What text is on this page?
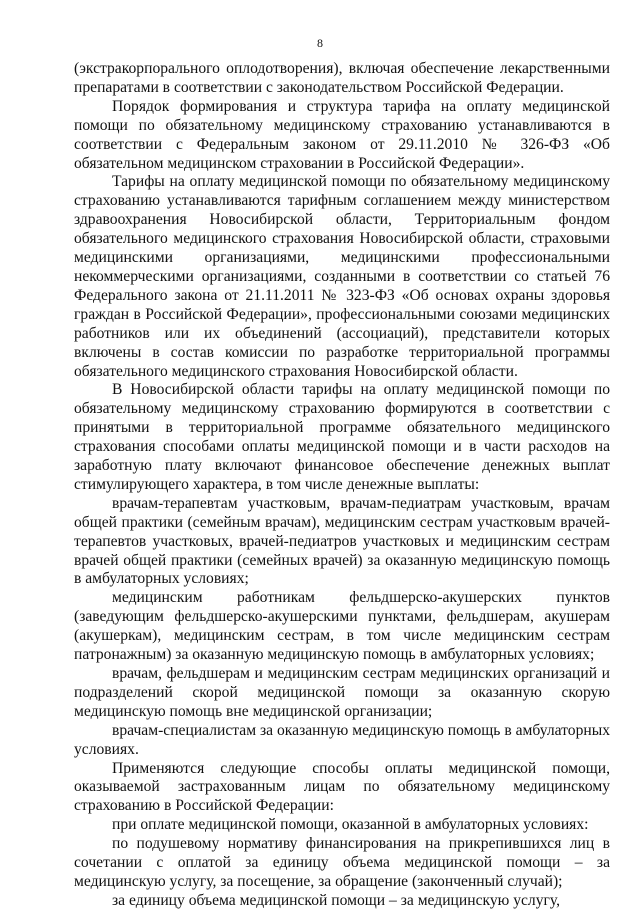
8

(экстракорпорального оплодотворения), включая обеспечение лекарственными препаратами в соответствии с законодательством Российской Федерации.

Порядок формирования и структура тарифа на оплату медицинской помощи по обязательному медицинскому страхованию устанавливаются в соответствии с Федеральным законом от 29.11.2010 № 326-ФЗ «Об обязательном медицинском страховании в Российской Федерации».

Тарифы на оплату медицинской помощи по обязательному медицинскому страхованию устанавливаются тарифным соглашением между министерством здравоохранения Новосибирской области, Территориальным фондом обязательного медицинского страхования Новосибирской области, страховыми медицинскими организациями, медицинскими профессиональными некоммерческими организациями, созданными в соответствии со статьей 76 Федерального закона от 21.11.2011 № 323-ФЗ «Об основах охраны здоровья граждан в Российской Федерации», профессиональными союзами медицинских работников или их объединений (ассоциаций), представители которых включены в состав комиссии по разработке территориальной программы обязательного медицинского страхования Новосибирской области.

В Новосибирской области тарифы на оплату медицинской помощи по обязательному медицинскому страхованию формируются в соответствии с принятыми в территориальной программе обязательного медицинского страхования способами оплаты медицинской помощи и в части расходов на заработную плату включают финансовое обеспечение денежных выплат стимулирующего характера, в том числе денежные выплаты:

врачам-терапевтам участковым, врачам-педиатрам участковым, врачам общей практики (семейным врачам), медицинским сестрам участковым врачей-терапевтов участковых, врачей-педиатров участковых и медицинским сестрам врачей общей практики (семейных врачей) за оказанную медицинскую помощь в амбулаторных условиях;

медицинским работникам фельдшерско-акушерских пунктов (заведующим фельдшерско-акушерскими пунктами, фельдшерам, акушерам (акушеркам), медицинским сестрам, в том числе медицинским сестрам патронажным) за оказанную медицинскую помощь в амбулаторных условиях;

врачам, фельдшерам и медицинским сестрам медицинских организаций и подразделений скорой медицинской помощи за оказанную скорую медицинскую помощь вне медицинской организации;

врачам-специалистам за оказанную медицинскую помощь в амбулаторных условиях.

Применяются следующие способы оплаты медицинской помощи, оказываемой застрахованным лицам по обязательному медицинскому страхованию в Российской Федерации:

при оплате медицинской помощи, оказанной в амбулаторных условиях:

по подушевому нормативу финансирования на прикрепившихся лиц в сочетании с оплатой за единицу объема медицинской помощи – за медицинскую услугу, за посещение, за обращение (законченный случай);

за единицу объема медицинской помощи – за медицинскую услугу,
